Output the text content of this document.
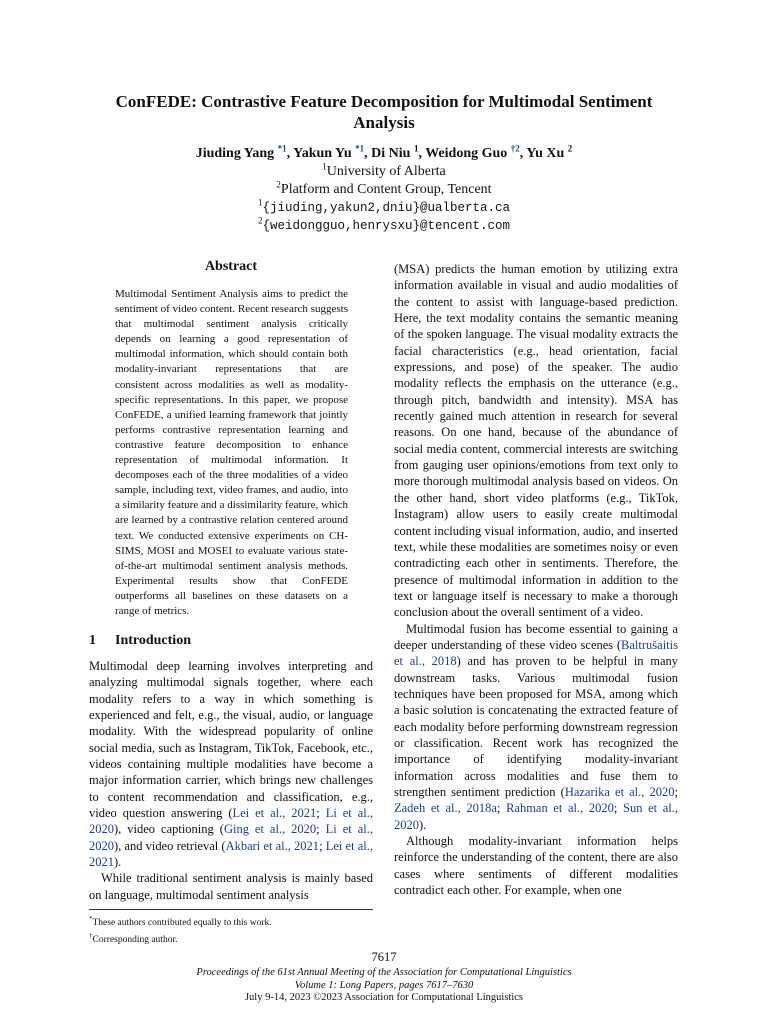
ConFEDE: Contrastive Feature Decomposition for Multimodal Sentiment
Analysis
Jiuding Yang $^{*1}$, Yakun Yu $^{*1}$, Di Niu $^1$, Weidong Guo $^{\dagger 2}$, Yu Xu $^2$
$^1$University of Alberta
$^2$Platform and Content Group, Tencent
$^1${jiuding,yakun2,dniu}@ualberta.ca
$^2${weidongguo,henrysxu}@tencent.com
Abstract
Multimodal Sentiment Analysis aims to predict the sentiment of video content. Recent research suggests that multimodal sentiment analysis critically depends on learning a good representation of multimodal information, which should contain both modality-invariant representations that are consistent across modalities as well as modality-specific representations. In this paper, we propose ConFEDE, a unified learning framework that jointly performs contrastive representation learning and contrastive feature decomposition to enhance representation of multimodal information. It decomposes each of the three modalities of a video sample, including text, video frames, and audio, into a similarity feature and a dissimilarity feature, which are learned by a contrastive relation centered around text. We conducted extensive experiments on CH-SIMS, MOSI and MOSEI to evaluate various state-of-the-art multimodal sentiment analysis methods. Experimental results show that ConFEDE outperforms all baselines on these datasets on a range of metrics.
1 Introduction

Multimodal deep learning involves interpreting and analyzing multimodal signals together, where each modality refers to a way in which something is experienced and felt, e.g., the visual, audio, or language modality. With the widespread popularity of online social media, such as Instagram, TikTok, Facebook, etc., videos containing multiple modalities have become a major information carrier, which brings new challenges to content recommendation and classification, e.g., video question answering (Lei et al., 2021; Li et al., 2020), video captioning (Ging et al., 2020; Li et al., 2020), and video retrieval (Akbari et al., 2021; Lei et al., 2021).

While traditional sentiment analysis is mainly based on language, multimodal sentiment analysis

*These authors contributed equally to this work.
†Corresponding author.

(MSA) predicts the human emotion by utilizing extra information available in visual and audio modalities of the content to assist with language-based prediction. Here, the text modality contains the semantic meaning of the spoken language. The visual modality extracts the facial characteristics (e.g., head orientation, facial expressions, and pose) of the speaker. The audio modality reflects the emphasis on the utterance (e.g., through pitch, bandwidth and intensity). MSA has recently gained much attention in research for several reasons. On one hand, because of the abundance of social media content, commercial interests are switching from gauging user opinions/emotions from text only to more thorough multimodal analysis based on videos. On the other hand, short video platforms (e.g., TikTok, Instagram) allow users to easily create multimodal content including visual information, audio, and inserted text, while these modalities are sometimes noisy or even contradicting each other in sentiments. Therefore, the presence of multimodal information in addition to the text or language itself is necessary to make a thorough conclusion about the overall sentiment of a video.

Multimodal fusion has become essential to gaining a deeper understanding of these video scenes (Baltrušaitis et al., 2018) and has proven to be helpful in many downstream tasks. Various multimodal fusion techniques have been proposed for MSA, among which a basic solution is concatenating the extracted feature of each modality before performing downstream regression or classification. Recent work has recognized the importance of identifying modality-invariant information across modalities and fuse them to strengthen sentiment prediction (Hazarika et al., 2020; Zadeh et al., 2018a; Rahman et al., 2020; Sun et al., 2020).

Although modality-invariant information helps reinforce the understanding of the content, there are also cases where sentiments of different modalities contradict each other. For example, when one

7617
Proceedings of the 61st Annual Meeting of the Association for Computational Linguistics
Volume 1: Long Papers, pages 7617–7630
July 9-14, 2023 ©2023 Association for Computational Linguistics
